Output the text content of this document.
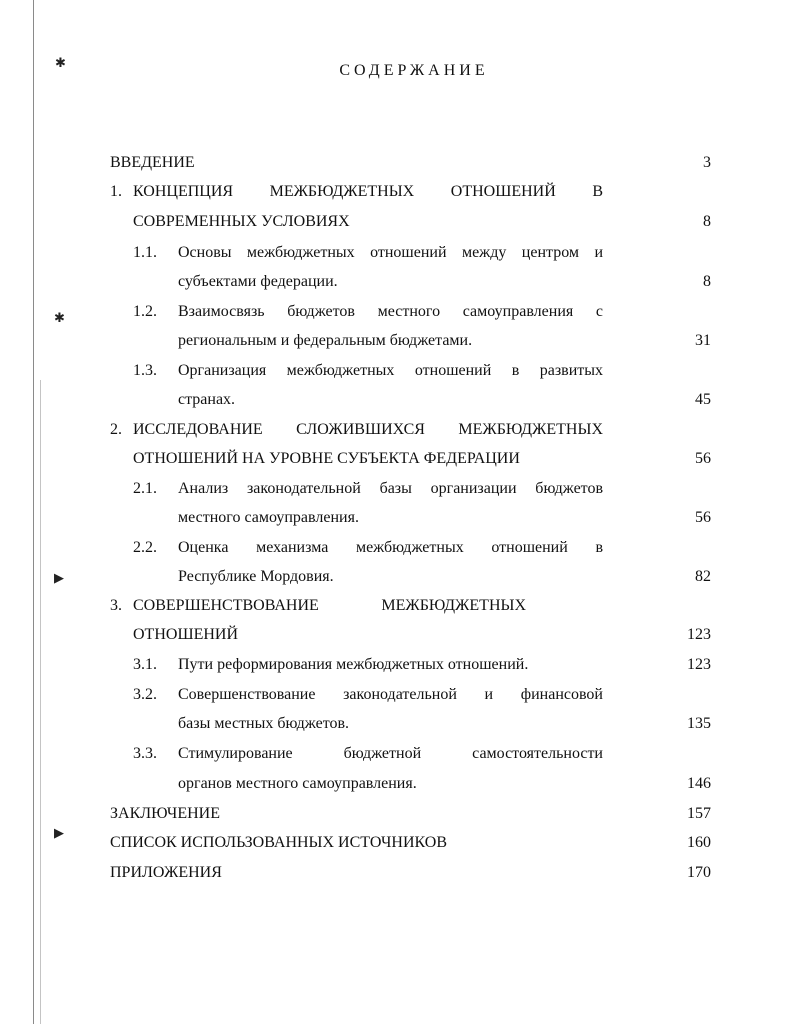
✱
✱
▶
▶
СОДЕРЖАНИЕ
ВВЕДЕНИЕ	3
1. КОНЦЕПЦИЯ МЕЖБЮДЖЕТНЫХ ОТНОШЕНИЙ В
СОВРЕМЕННЫХ УСЛОВИЯХ	8
1.1. Основы межбюджетных отношений между центром и
субъектами федерации.	8
1.2. Взаимосвязь бюджетов местного самоуправления с
региональным и федеральным бюджетами.	31
1.3. Организация межбюджетных отношений в развитых
странах.	45
2. ИССЛЕДОВАНИЕ СЛОЖИВШИХСЯ МЕЖБЮДЖЕТНЫХ
ОТНОШЕНИЙ НА УРОВНЕ СУБЪЕКТА ФЕДЕРАЦИИ	56
2.1. Анализ законодательной базы организации бюджетов
местного самоуправления.	56
2.2. Оценка механизма межбюджетных отношений в
Республике Мордовия.	82
3. СОВЕРШЕНСТВОВАНИЕ МЕЖБЮДЖЕТНЫХ
ОТНОШЕНИЙ	123
3.1. Пути реформирования межбюджетных отношений.	123
3.2. Совершенствование законодательной и финансовой
базы местных бюджетов.	135
3.3. Стимулирование бюджетной самостоятельности
органов местного самоуправления.	146
ЗАКЛЮЧЕНИЕ	157
СПИСОК ИСПОЛЬЗОВАННЫХ ИСТОЧНИКОВ	160
ПРИЛОЖЕНИЯ	170
